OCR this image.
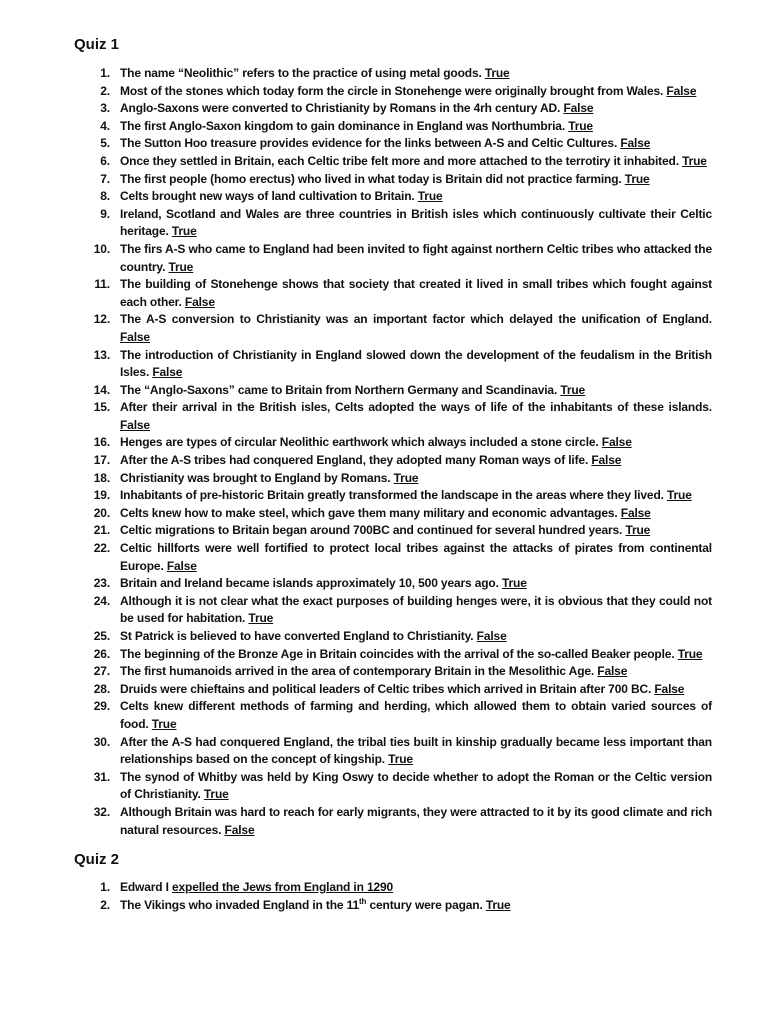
Quiz 1
1. The name “Neolithic” refers to the practice of using metal goods. True
2. Most of the stones which today form the circle in Stonehenge were originally brought from Wales. False
3. Anglo-Saxons were converted to Christianity by Romans in the 4rh century AD. False
4. The first Anglo-Saxon kingdom to gain dominance in England was Northumbria. True
5. The Sutton Hoo treasure provides evidence for the links between A-S and Celtic Cultures. False
6. Once they settled in Britain, each Celtic tribe felt more and more attached to the terrotiry it inhabited. True
7. The first people (homo erectus) who lived in what today is Britain did not practice farming. True
8. Celts brought new ways of land cultivation to Britain. True
9. Ireland, Scotland and Wales are three countries in British isles which continuously cultivate their Celtic heritage. True
10. The firs A-S who came to England had been invited to fight against northern Celtic tribes who attacked the country. True
11. The building of Stonehenge shows that society that created it lived in small tribes which fought against each other. False
12. The A-S conversion to Christianity was an important factor which delayed the unification of England. False
13. The introduction of Christianity in England slowed down the development of the feudalism in the British Isles. False
14. The “Anglo-Saxons” came to Britain from Northern Germany and Scandinavia. True
15. After their arrival in the British isles, Celts adopted the ways of life of the inhabitants of these islands. False
16. Henges are types of circular Neolithic earthwork which always included a stone circle. False
17. After the A-S tribes had conquered England, they adopted many Roman ways of life. False
18. Christianity was brought to England by Romans. True
19. Inhabitants of pre-historic Britain greatly transformed the landscape in the areas where they lived. True
20. Celts knew how to make steel, which gave them many military and economic advantages. False
21. Celtic migrations to Britain began around 700BC and continued for several hundred years. True
22. Celtic hillforts were well fortified to protect local tribes against the attacks of pirates from continental Europe. False
23. Britain and Ireland became islands approximately 10, 500 years ago. True
24. Although it is not clear what the exact purposes of building henges were, it is obvious that they could not be used for habitation. True
25. St Patrick is believed to have converted England to Christianity. False
26. The beginning of the Bronze Age in Britain coincides with the arrival of the so-called Beaker people. True
27. The first humanoids arrived in the area of contemporary Britain in the Mesolithic Age. False
28. Druids were chieftains and political leaders of Celtic tribes which arrived in Britain after 700 BC. False
29. Celts knew different methods of farming and herding, which allowed them to obtain varied sources of food. True
30. After the A-S had conquered England, the tribal ties built in kinship gradually became less important than relationships based on the concept of kingship. True
31. The synod of Whitby was held by King Oswy to decide whether to adopt the Roman or the Celtic version of Christianity. True
32. Although Britain was hard to reach for early migrants, they were attracted to it by its good climate and rich natural resources. False
Quiz 2
1. Edward I expelled the Jews from England in 1290
2. The Vikings who invaded England in the 11th century were pagan. True
